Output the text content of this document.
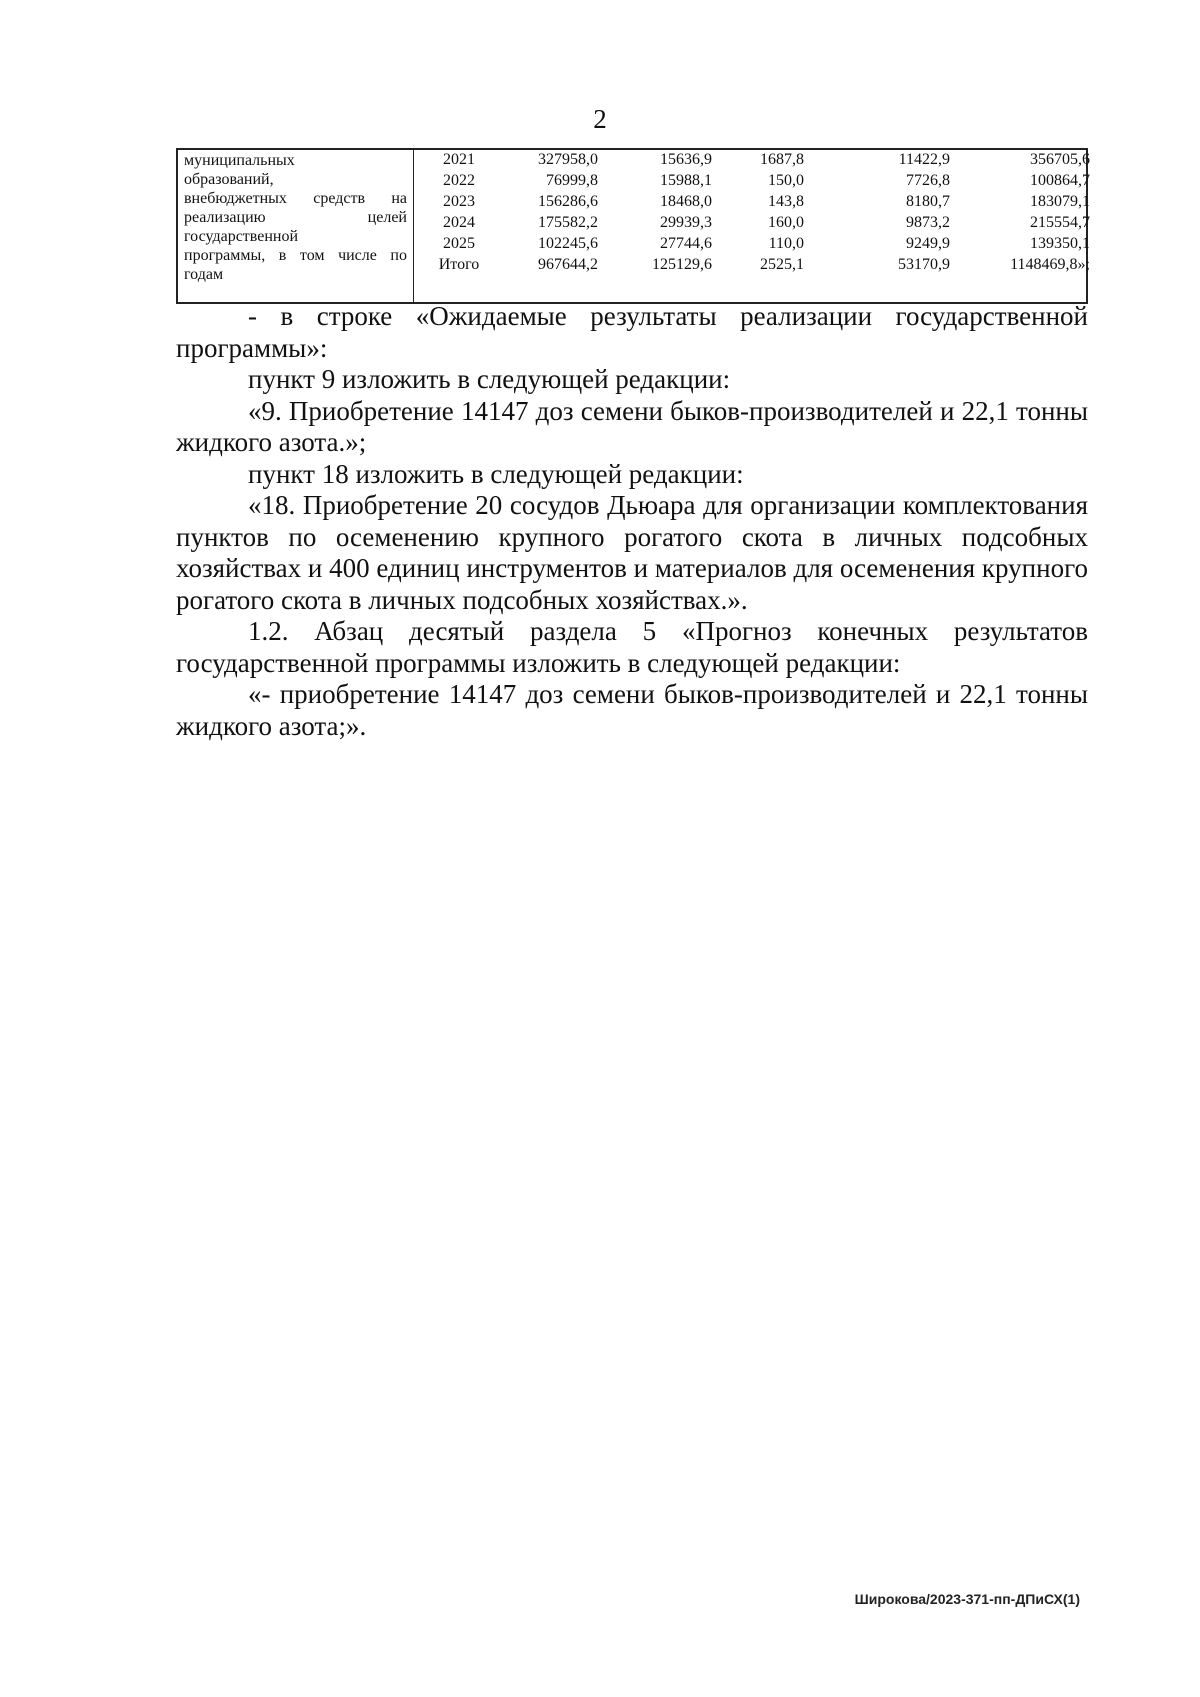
2
муниципальных
образований,
внебюджетных средств на
реализацию целей
государственной
программы, в том числе по

годам

2021	327958,0	15636,9	1687,8	11422,9	356705,6
2022	76999,8	15988,1	150,0	7726,8	100864,7
2023	156286,6	18468,0	143,8	8180,7	183079,1
2024	175582,2	29939,3	160,0	9873,2	215554,7
2025	102245,6	27744,6	110,0	9249,9	139350,1
Итого	967644,2	125129,6	2525,1	53170,9	1148469,8»;

- в строке «Ожидаемые результаты реализации государственной программы»:

пункт 9 изложить в следующей редакции:

«9. Приобретение 14147 доз семени быков-производителей и 22,1 тонны жидкого азота.»;

пункт 18 изложить в следующей редакции:

«18. Приобретение 20 сосудов Дьюара для организации комплектования пунктов по осеменению крупного рогатого скота в личных подсобных хозяйствах и 400 единиц инструментов и материалов для осеменения крупного рогатого скота в личных подсобных хозяйствах.».

1.2. Абзац десятый раздела 5 «Прогноз конечных результатов государственной программы изложить в следующей редакции:

«- приобретение 14147 доз семени быков-производителей и 22,1 тонны жидкого азота;».

Широкова/2023-371-пп-ДПиСХ(1)
